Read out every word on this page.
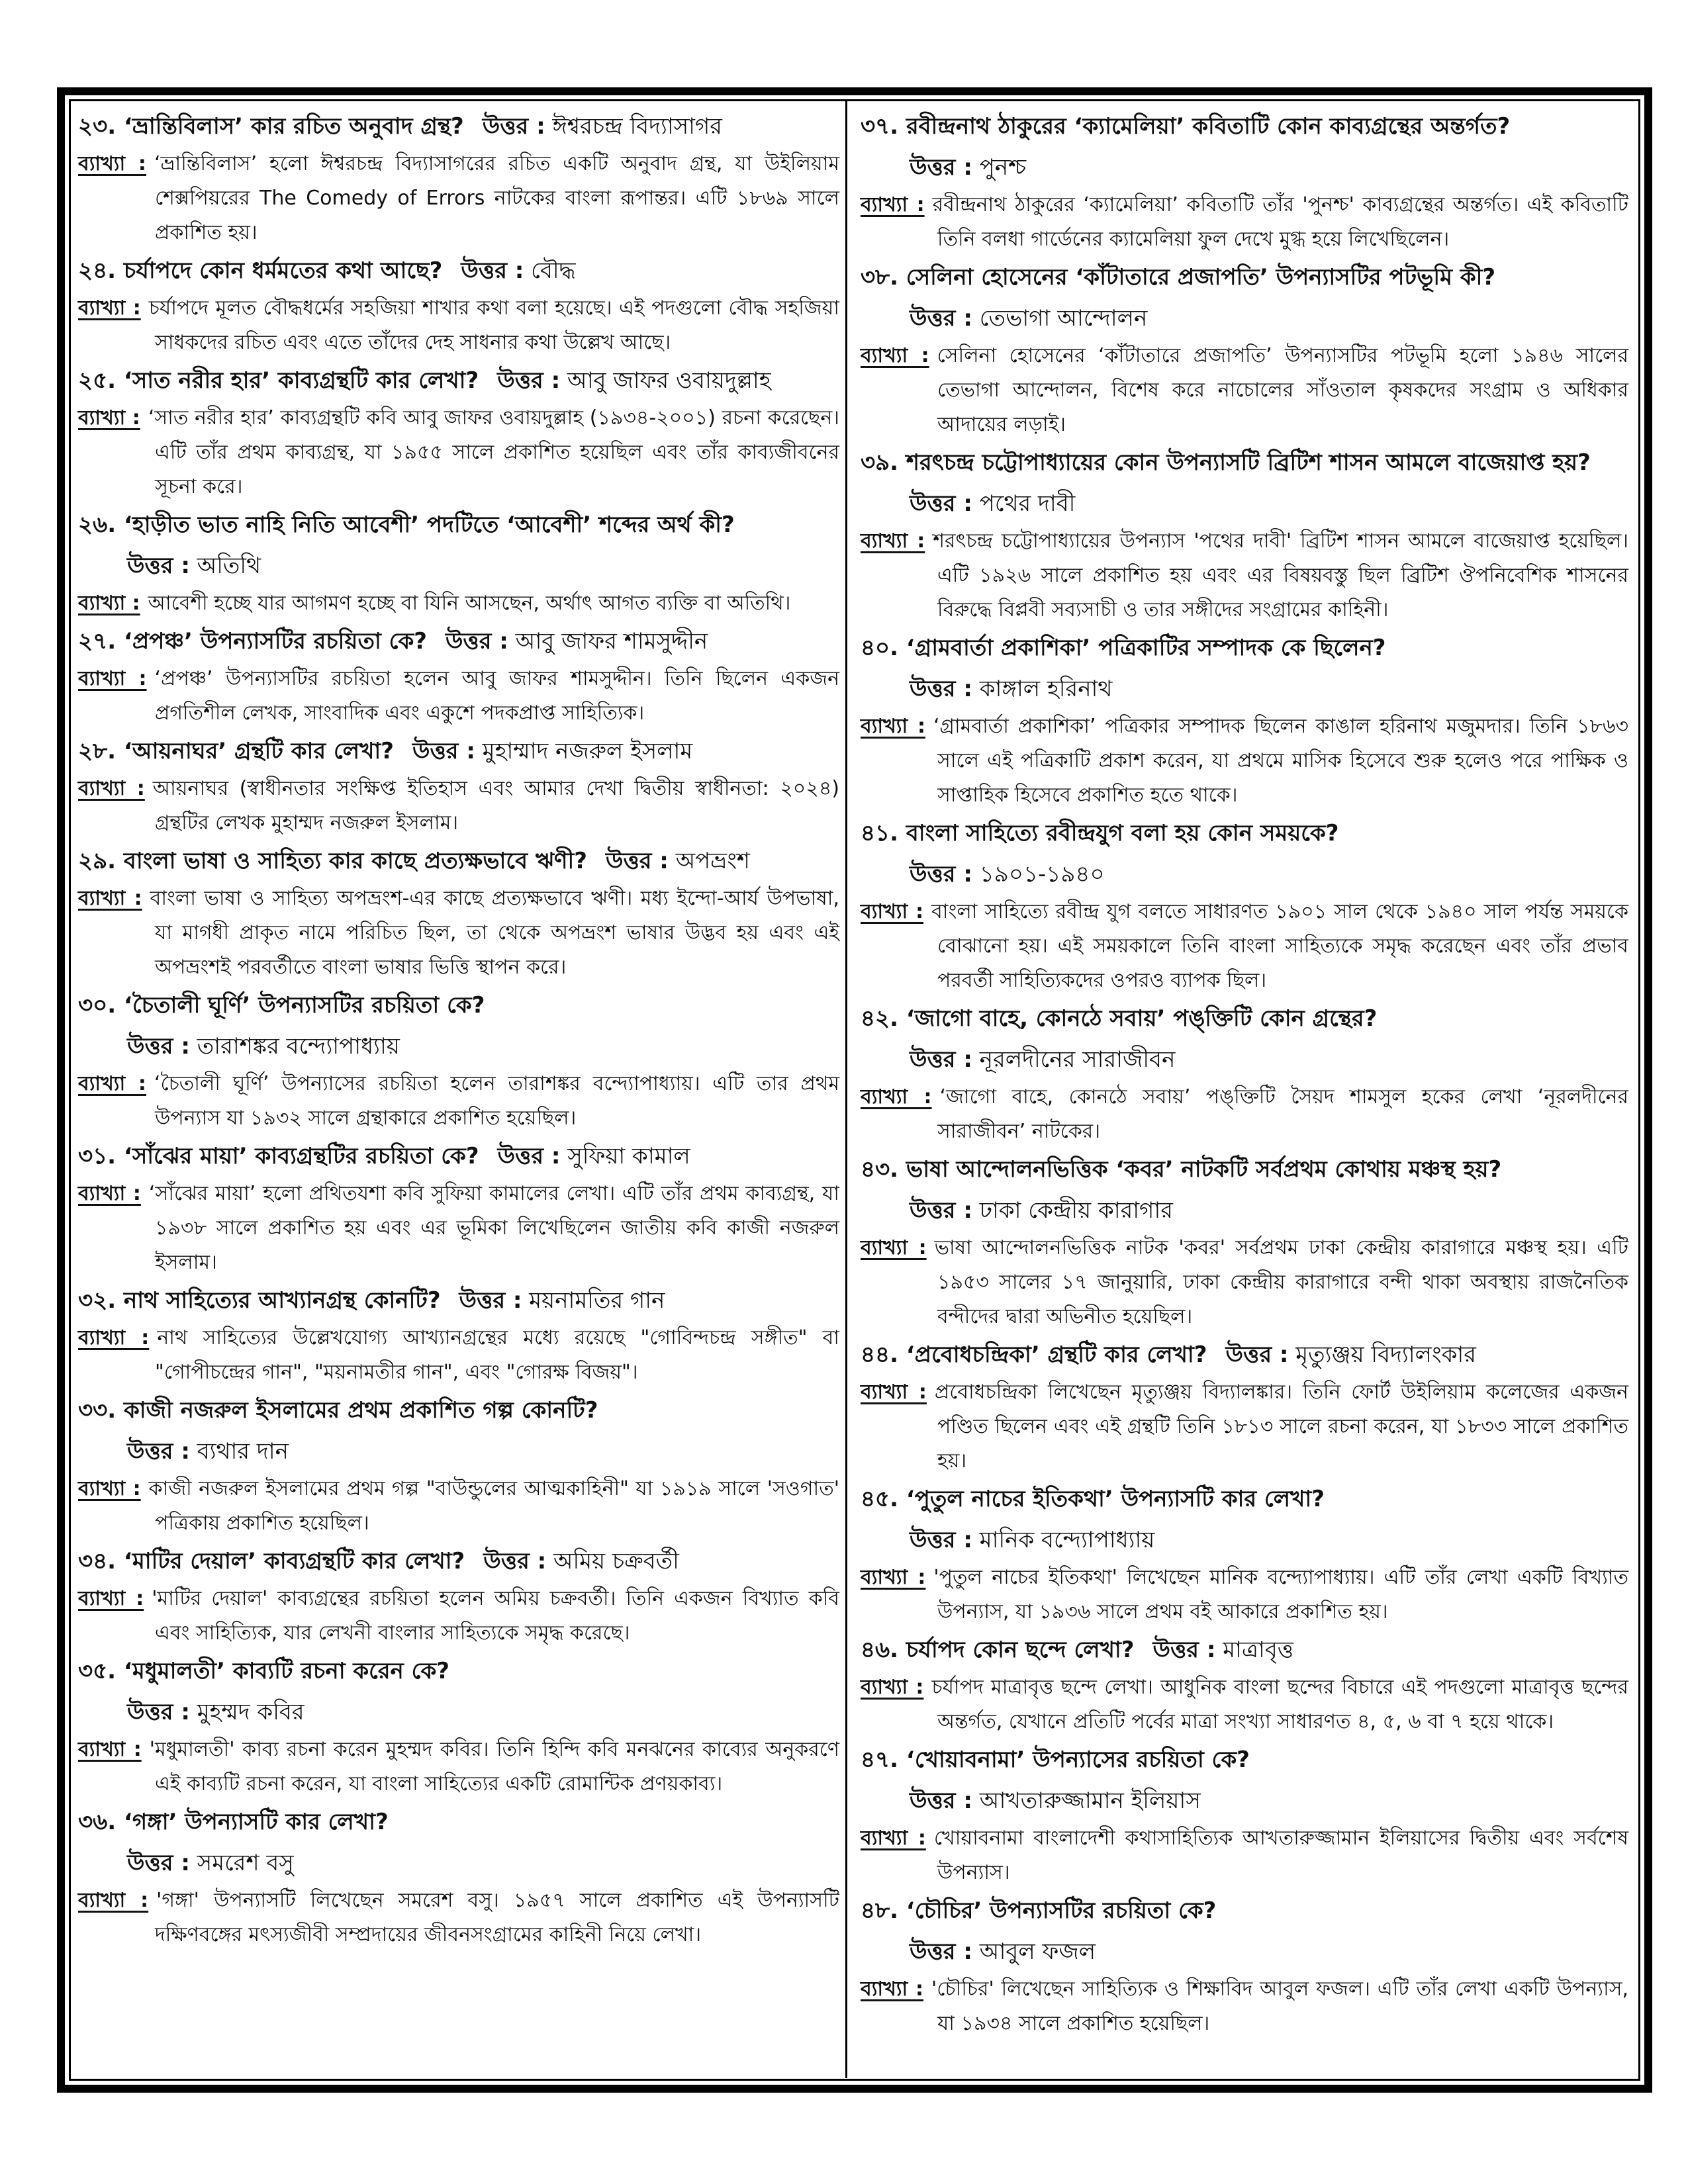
২৩. ‘ভ্রান্তিবিলাস’ কার রচিত অনুবাদ গ্রন্থ? উত্তর : ঈশ্বরচন্দ্র বিদ্যাসাগর
ব্যাখ্যা : ‘ভ্রান্তিবিলাস’ হলো ঈশ্বরচন্দ্র বিদ্যাসাগরের রচিত একটি অনুবাদ গ্রন্থ, যা উইলিয়াম শেক্সপিয়রের The Comedy of Errors নাটকের বাংলা রূপান্তর। এটি ১৮৬৯ সালে প্রকাশিত হয়।
২৪. চর্যাপদে কোন ধর্মমতের কথা আছে? উত্তর : বৌদ্ধ
ব্যাখ্যা : চর্যাপদে মূলত বৌদ্ধধর্মের সহজিয়া শাখার কথা বলা হয়েছে। এই পদগুলো বৌদ্ধ সহজিয়া সাধকদের রচিত এবং এতে তাঁদের দেহ সাধনার কথা উল্লেখ আছে।
২৫. ‘সাত নরীর হার’ কাব্যগ্রন্থটি কার লেখা? উত্তর : আবু জাফর ওবায়দুল্লাহ
ব্যাখ্যা : ‘সাত নরীর হার’ কাব্যগ্রন্থটি কবি আবু জাফর ওবায়দুল্লাহ (১৯৩৪-২০০১) রচনা করেছেন। এটি তাঁর প্রথম কাব্যগ্রন্থ, যা ১৯৫৫ সালে প্রকাশিত হয়েছিল এবং তাঁর কাব্যজীবনের সূচনা করে।
২৬. ‘হাড়ীত ভাত নাহি নিতি আবেশী’ পদটিতে ‘আবেশী’ শব্দের অর্থ কী?
উত্তর : অতিথি
ব্যাখ্যা : আবেশী হচ্ছে যার আগমণ হচ্ছে বা যিনি আসছেন, অর্থাৎ আগত ব্যক্তি বা অতিথি।
২৭. ‘প্রপঞ্চ’ উপন্যাসটির রচয়িতা কে? উত্তর : আবু জাফর শামসুদ্দীন
ব্যাখ্যা : ‘প্রপঞ্চ’ উপন্যাসটির রচয়িতা হলেন আবু জাফর শামসুদ্দীন। তিনি ছিলেন একজন প্রগতিশীল লেখক, সাংবাদিক এবং একুশে পদকপ্রাপ্ত সাহিত্যিক।
২৮. ‘আয়নাঘর’ গ্রন্থটি কার লেখা? উত্তর : মুহাম্মাদ নজরুল ইসলাম
ব্যাখ্যা : আয়নাঘর (স্বাধীনতার সংক্ষিপ্ত ইতিহাস এবং আমার দেখা দ্বিতীয় স্বাধীনতা: ২০২৪) গ্রন্থটির লেখক মুহাম্মদ নজরুল ইসলাম।
২৯. বাংলা ভাষা ও সাহিত্য কার কাছে প্রত্যক্ষভাবে ঋণী? উত্তর : অপভ্রংশ
ব্যাখ্যা : বাংলা ভাষা ও সাহিত্য অপভ্রংশ-এর কাছে প্রত্যক্ষভাবে ঋণী। মধ্য ইন্দো-আর্য উপভাষা, যা মাগধী প্রাকৃত নামে পরিচিত ছিল, তা থেকে অপভ্রংশ ভাষার উদ্ভব হয় এবং এই অপভ্রংশই পরবর্তীতে বাংলা ভাষার ভিত্তি স্থাপন করে।
৩০. ‘চৈতালী ঘূর্ণি’ উপন্যাসটির রচয়িতা কে?
উত্তর : তারাশঙ্কর বন্দ্যোপাধ্যায়
ব্যাখ্যা : ‘চৈতালী ঘূর্ণি’ উপন্যাসের রচয়িতা হলেন তারাশঙ্কর বন্দ্যোপাধ্যায়। এটি তার প্রথম উপন্যাস যা ১৯৩২ সালে গ্রন্থাকারে প্রকাশিত হয়েছিল।
৩১. ‘সাঁঝের মায়া’ কাব্যগ্রন্থটির রচয়িতা কে? উত্তর : সুফিয়া কামাল
ব্যাখ্যা : ‘সাঁঝের মায়া’ হলো প্রথিতযশা কবি সুফিয়া কামালের লেখা। এটি তাঁর প্রথম কাব্যগ্রন্থ, যা ১৯৩৮ সালে প্রকাশিত হয় এবং এর ভূমিকা লিখেছিলেন জাতীয় কবি কাজী নজরুল ইসলাম।
৩২. নাথ সাহিত্যের আখ্যানগ্রন্থ কোনটি? উত্তর : ময়নামতির গান
ব্যাখ্যা : নাথ সাহিত্যের উল্লেখযোগ্য আখ্যানগ্রন্থের মধ্যে রয়েছে "গোবিন্দচন্দ্র সঙ্গীত" বা "গোপীচন্দ্রের গান", "ময়নামতীর গান", এবং "গোরক্ষ বিজয়"।
৩৩. কাজী নজরুল ইসলামের প্রথম প্রকাশিত গল্প কোনটি?
উত্তর : ব্যথার দান
ব্যাখ্যা : কাজী নজরুল ইসলামের প্রথম গল্প "বাউন্ডুলের আত্মকাহিনী" যা ১৯১৯ সালে 'সওগাত' পত্রিকায় প্রকাশিত হয়েছিল।
৩৪. ‘মাটির দেয়াল’ কাব্যগ্রন্থটি কার লেখা? উত্তর : অমিয় চক্রবর্তী
ব্যাখ্যা : 'মাটির দেয়াল' কাব্যগ্রন্থের রচয়িতা হলেন অমিয় চক্রবর্তী। তিনি একজন বিখ্যাত কবি এবং সাহিত্যিক, যার লেখনী বাংলার সাহিত্যকে সমৃদ্ধ করেছে।
৩৫. ‘মধুমালতী’ কাব্যটি রচনা করেন কে?
উত্তর : মুহম্মদ কবির
ব্যাখ্যা : 'মধুমালতী' কাব্য রচনা করেন মুহম্মদ কবির। তিনি হিন্দি কবি মনঝনের কাব্যের অনুকরণে এই কাব্যটি রচনা করেন, যা বাংলা সাহিত্যের একটি রোমান্টিক প্রণয়কাব্য।
৩৬. ‘গঙ্গা’ উপন্যাসটি কার লেখা?
উত্তর : সমরেশ বসু
ব্যাখ্যা : 'গঙ্গা' উপন্যাসটি লিখেছেন সমরেশ বসু। ১৯৫৭ সালে প্রকাশিত এই উপন্যাসটি দক্ষিণবঙ্গের মৎস্যজীবী সম্প্রদায়ের জীবনসংগ্রামের কাহিনী নিয়ে লেখা।
৩৭. রবীন্দ্রনাথ ঠাকুরের ‘ক্যামেলিয়া’ কবিতাটি কোন কাব্যগ্রন্থের অন্তর্গত?
উত্তর : পুনশ্চ
ব্যাখ্যা : রবীন্দ্রনাথ ঠাকুরের ‘ক্যামেলিয়া’ কবিতাটি তাঁর 'পুনশ্চ' কাব্যগ্রন্থের অন্তর্গত। এই কবিতাটি তিনি বলধা গার্ডেনের ক্যামেলিয়া ফুল দেখে মুগ্ধ হয়ে লিখেছিলেন।
৩৮. সেলিনা হোসেনের ‘কাঁটাতারে প্রজাপতি’ উপন্যাসটির পটভূমি কী?
উত্তর : তেভাগা আন্দোলন
ব্যাখ্যা : সেলিনা হোসেনের ‘কাঁটাতারে প্রজাপতি’ উপন্যাসটির পটভূমি হলো ১৯৪৬ সালের তেভাগা আন্দোলন, বিশেষ করে নাচোলের সাঁওতাল কৃষকদের সংগ্রাম ও অধিকার আদায়ের লড়াই।
৩৯. শরৎচন্দ্র চট্টোপাধ্যায়ের কোন উপন্যাসটি ব্রিটিশ শাসন আমলে বাজেয়াপ্ত হয়?
উত্তর : পথের দাবী
ব্যাখ্যা : শরৎচন্দ্র চট্টোপাধ্যায়ের উপন্যাস 'পথের দাবী' ব্রিটিশ শাসন আমলে বাজেয়াপ্ত হয়েছিল। এটি ১৯২৬ সালে প্রকাশিত হয় এবং এর বিষয়বস্তু ছিল ব্রিটিশ ঔপনিবেশিক শাসনের বিরুদ্ধে বিপ্লবী সব্যসাচী ও তার সঙ্গীদের সংগ্রামের কাহিনী।
৪০. ‘গ্রামবার্তা প্রকাশিকা’ পত্রিকাটির সম্পাদক কে ছিলেন?
উত্তর : কাঙ্গাল হরিনাথ
ব্যাখ্যা : ‘গ্রামবার্তা প্রকাশিকা’ পত্রিকার সম্পাদক ছিলেন কাঙাল হরিনাথ মজুমদার। তিনি ১৮৬৩ সালে এই পত্রিকাটি প্রকাশ করেন, যা প্রথমে মাসিক হিসেবে শুরু হলেও পরে পাক্ষিক ও সাপ্তাহিক হিসেবে প্রকাশিত হতে থাকে।
৪১. বাংলা সাহিত্যে রবীন্দ্রযুগ বলা হয় কোন সময়কে?
উত্তর : ১৯০১-১৯৪০
ব্যাখ্যা : বাংলা সাহিত্যে রবীন্দ্র যুগ বলতে সাধারণত ১৯০১ সাল থেকে ১৯৪০ সাল পর্যন্ত সময়কে বোঝানো হয়। এই সময়কালে তিনি বাংলা সাহিত্যকে সমৃদ্ধ করেছেন এবং তাঁর প্রভাব পরবর্তী সাহিত্যিকদের ওপরও ব্যাপক ছিল।
৪২. ‘জাগো বাহে, কোনঠে সবায়’ পঙ্‌ক্তিটি কোন গ্রন্থের?
উত্তর : নূরলদীনের সারাজীবন
ব্যাখ্যা : ‘জাগো বাহে, কোনঠে সবায়’ পঙ্‌ক্তিটি সৈয়দ শামসুল হকের লেখা ‘নূরলদীনের সারাজীবন’ নাটকের।
৪৩. ভাষা আন্দোলনভিত্তিক ‘কবর’ নাটকটি সর্বপ্রথম কোথায় মঞ্চস্থ হয়?
উত্তর : ঢাকা কেন্দ্রীয় কারাগার
ব্যাখ্যা : ভাষা আন্দোলনভিত্তিক নাটক 'কবর' সর্বপ্রথম ঢাকা কেন্দ্রীয় কারাগারে মঞ্চস্থ হয়। এটি ১৯৫৩ সালের ১৭ জানুয়ারি, ঢাকা কেন্দ্রীয় কারাগারে বন্দী থাকা অবস্থায় রাজনৈতিক বন্দীদের দ্বারা অভিনীত হয়েছিল।
৪৪. ‘প্রবোধচন্দ্রিকা’ গ্রন্থটি কার লেখা? উত্তর : মৃত্যুঞ্জয় বিদ্যালংকার
ব্যাখ্যা : প্রবোধচন্দ্রিকা লিখেছেন মৃত্যুঞ্জয় বিদ্যালঙ্কার। তিনি ফোর্ট উইলিয়াম কলেজের একজন পণ্ডিত ছিলেন এবং এই গ্রন্থটি তিনি ১৮১৩ সালে রচনা করেন, যা ১৮৩৩ সালে প্রকাশিত হয়।
৪৫. ‘পুতুল নাচের ইতিকথা’ উপন্যাসটি কার লেখা?
উত্তর : মানিক বন্দ্যোপাধ্যায়
ব্যাখ্যা : 'পুতুল নাচের ইতিকথা' লিখেছেন মানিক বন্দ্যোপাধ্যায়। এটি তাঁর লেখা একটি বিখ্যাত উপন্যাস, যা ১৯৩৬ সালে প্রথম বই আকারে প্রকাশিত হয়।
৪৬. চর্যাপদ কোন ছন্দে লেখা? উত্তর : মাত্রাবৃত্ত
ব্যাখ্যা : চর্যাপদ মাত্রাবৃত্ত ছন্দে লেখা। আধুনিক বাংলা ছন্দের বিচারে এই পদগুলো মাত্রাবৃত্ত ছন্দের অন্তর্গত, যেখানে প্রতিটি পর্বের মাত্রা সংখ্যা সাধারণত ৪, ৫, ৬ বা ৭ হয়ে থাকে।
৪৭. ‘খোয়াবনামা’ উপন্যাসের রচয়িতা কে?
উত্তর : আখতারুজ্জামান ইলিয়াস
ব্যাখ্যা : খোয়াবনামা বাংলাদেশী কথাসাহিত্যিক আখতারুজ্জামান ইলিয়াসের দ্বিতীয় এবং সর্বশেষ উপন্যাস।
৪৮. ‘চৌচির’ উপন্যাসটির রচয়িতা কে?
উত্তর : আবুল ফজল
ব্যাখ্যা : 'চৌচির' লিখেছেন সাহিত্যিক ও শিক্ষাবিদ আবুল ফজল। এটি তাঁর লেখা একটি উপন্যাস, যা ১৯৩৪ সালে প্রকাশিত হয়েছিল।
